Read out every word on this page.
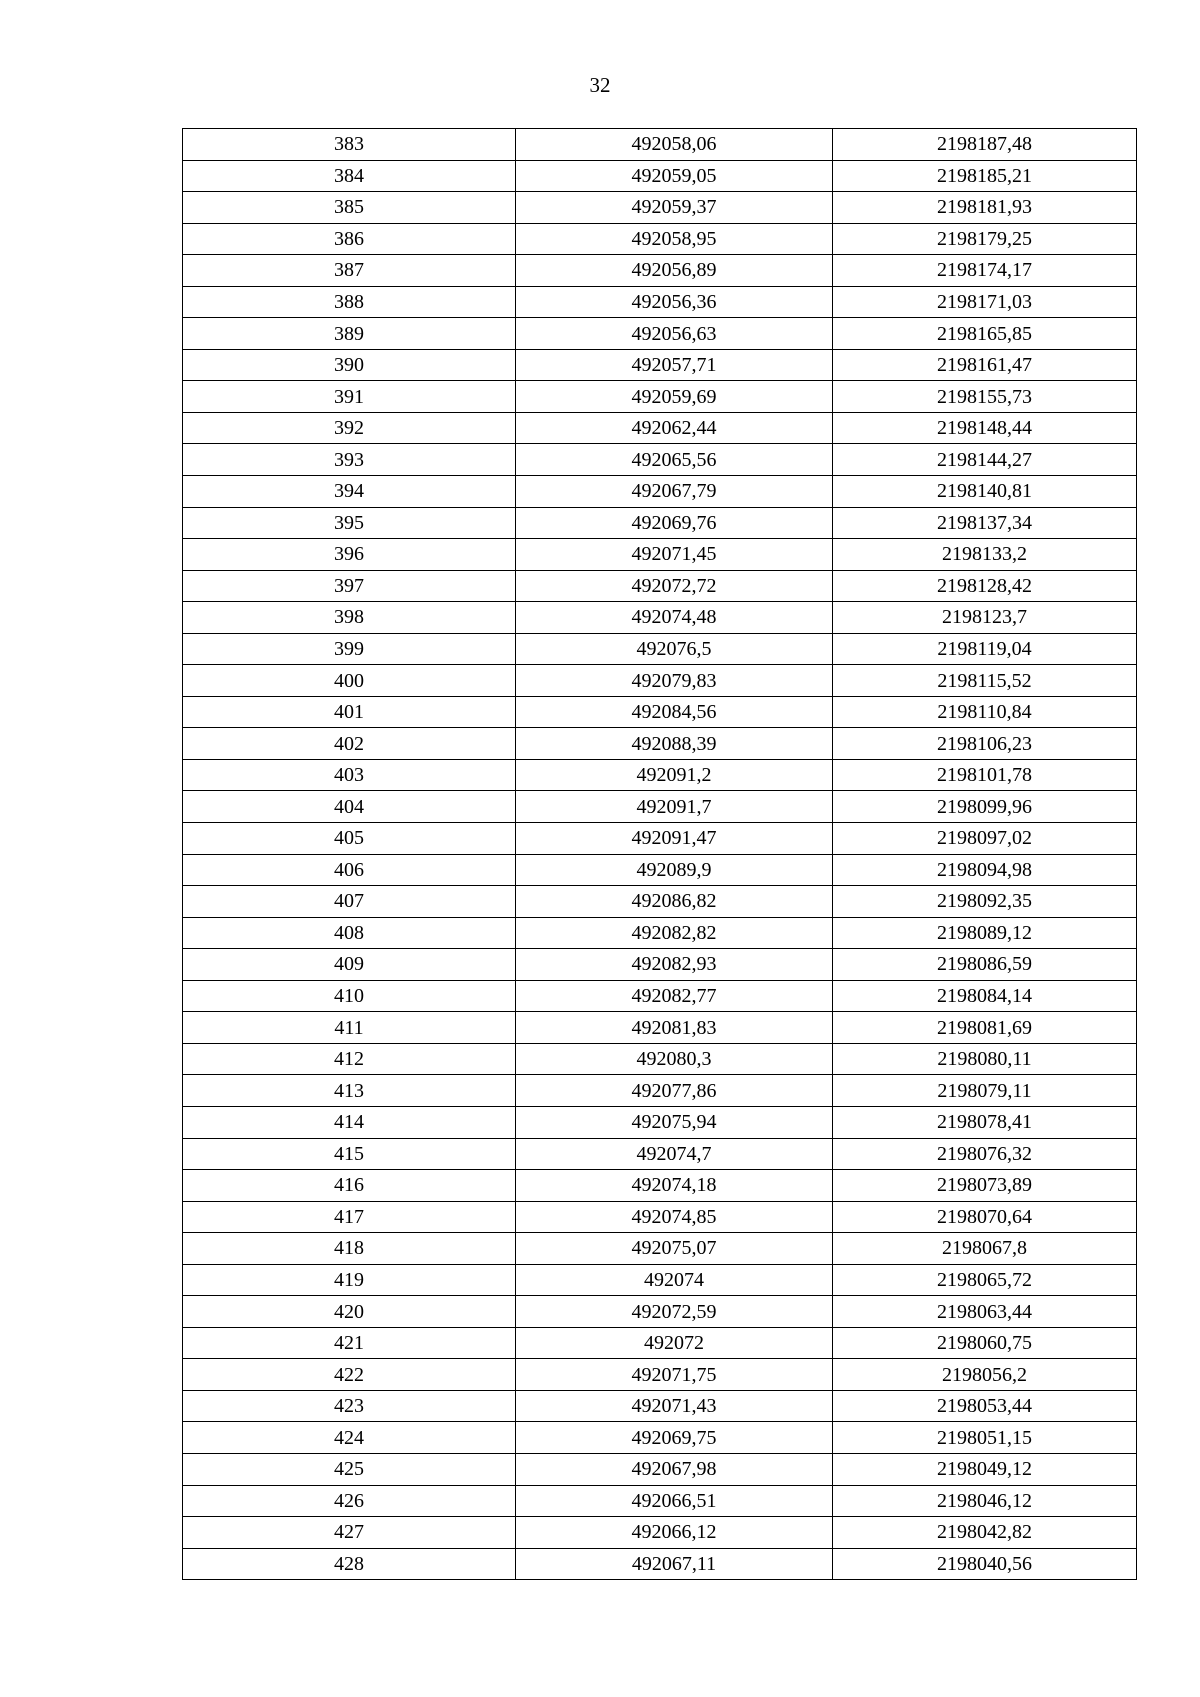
32
383	492058,06	2198187,48
384	492059,05	2198185,21
385	492059,37	2198181,93
386	492058,95	2198179,25
387	492056,89	2198174,17
388	492056,36	2198171,03
389	492056,63	2198165,85
390	492057,71	2198161,47
391	492059,69	2198155,73
392	492062,44	2198148,44
393	492065,56	2198144,27
394	492067,79	2198140,81
395	492069,76	2198137,34
396	492071,45	2198133,2
397	492072,72	2198128,42
398	492074,48	2198123,7
399	492076,5	2198119,04
400	492079,83	2198115,52
401	492084,56	2198110,84
402	492088,39	2198106,23
403	492091,2	2198101,78
404	492091,7	2198099,96
405	492091,47	2198097,02
406	492089,9	2198094,98
407	492086,82	2198092,35
408	492082,82	2198089,12
409	492082,93	2198086,59
410	492082,77	2198084,14
411	492081,83	2198081,69
412	492080,3	2198080,11
413	492077,86	2198079,11
414	492075,94	2198078,41
415	492074,7	2198076,32
416	492074,18	2198073,89
417	492074,85	2198070,64
418	492075,07	2198067,8
419	492074	2198065,72
420	492072,59	2198063,44
421	492072	2198060,75
422	492071,75	2198056,2
423	492071,43	2198053,44
424	492069,75	2198051,15
425	492067,98	2198049,12
426	492066,51	2198046,12
427	492066,12	2198042,82
428	492067,11	2198040,56
